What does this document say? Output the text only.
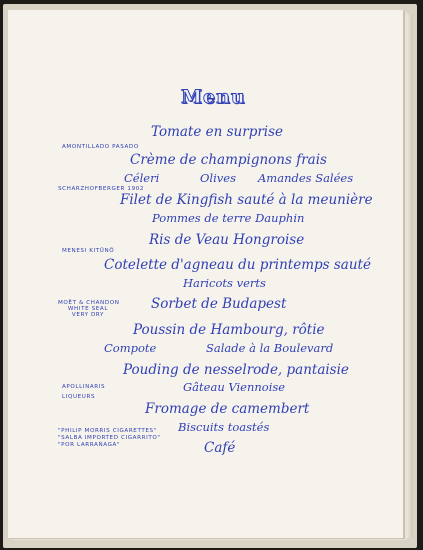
Menu
Tomate en surprise
AMONTILLADO PASADO
Crème de champignons frais
Céleri	Olives Amandes Salées
SCHARZHOFBERGER 1902
Filet de Kingfish sauté à la meunière
Pommes de terre Dauphin
Ris de Veau Hongroise
MENESI KITÜNÖ
Cotelette d'agneau du printemps sauté
Haricots verts
MOËT & CHANDON
WHITE SEAL
VERY DRY
Sorbet de Budapest
Poussin de Hambourg, rôtie
Compote	Salade à la Boulevard
Pouding de nesselrode, pantaisie
APOLLINARIS	Gâteau Viennoise
LIQUEURS
Fromage de camembert
Biscuits toastés
"PHILIP MORRIS CIGARETTES"
"SALBA IMPORTED CIGARRITO"
"POR LARRAÑAGA"	Café
